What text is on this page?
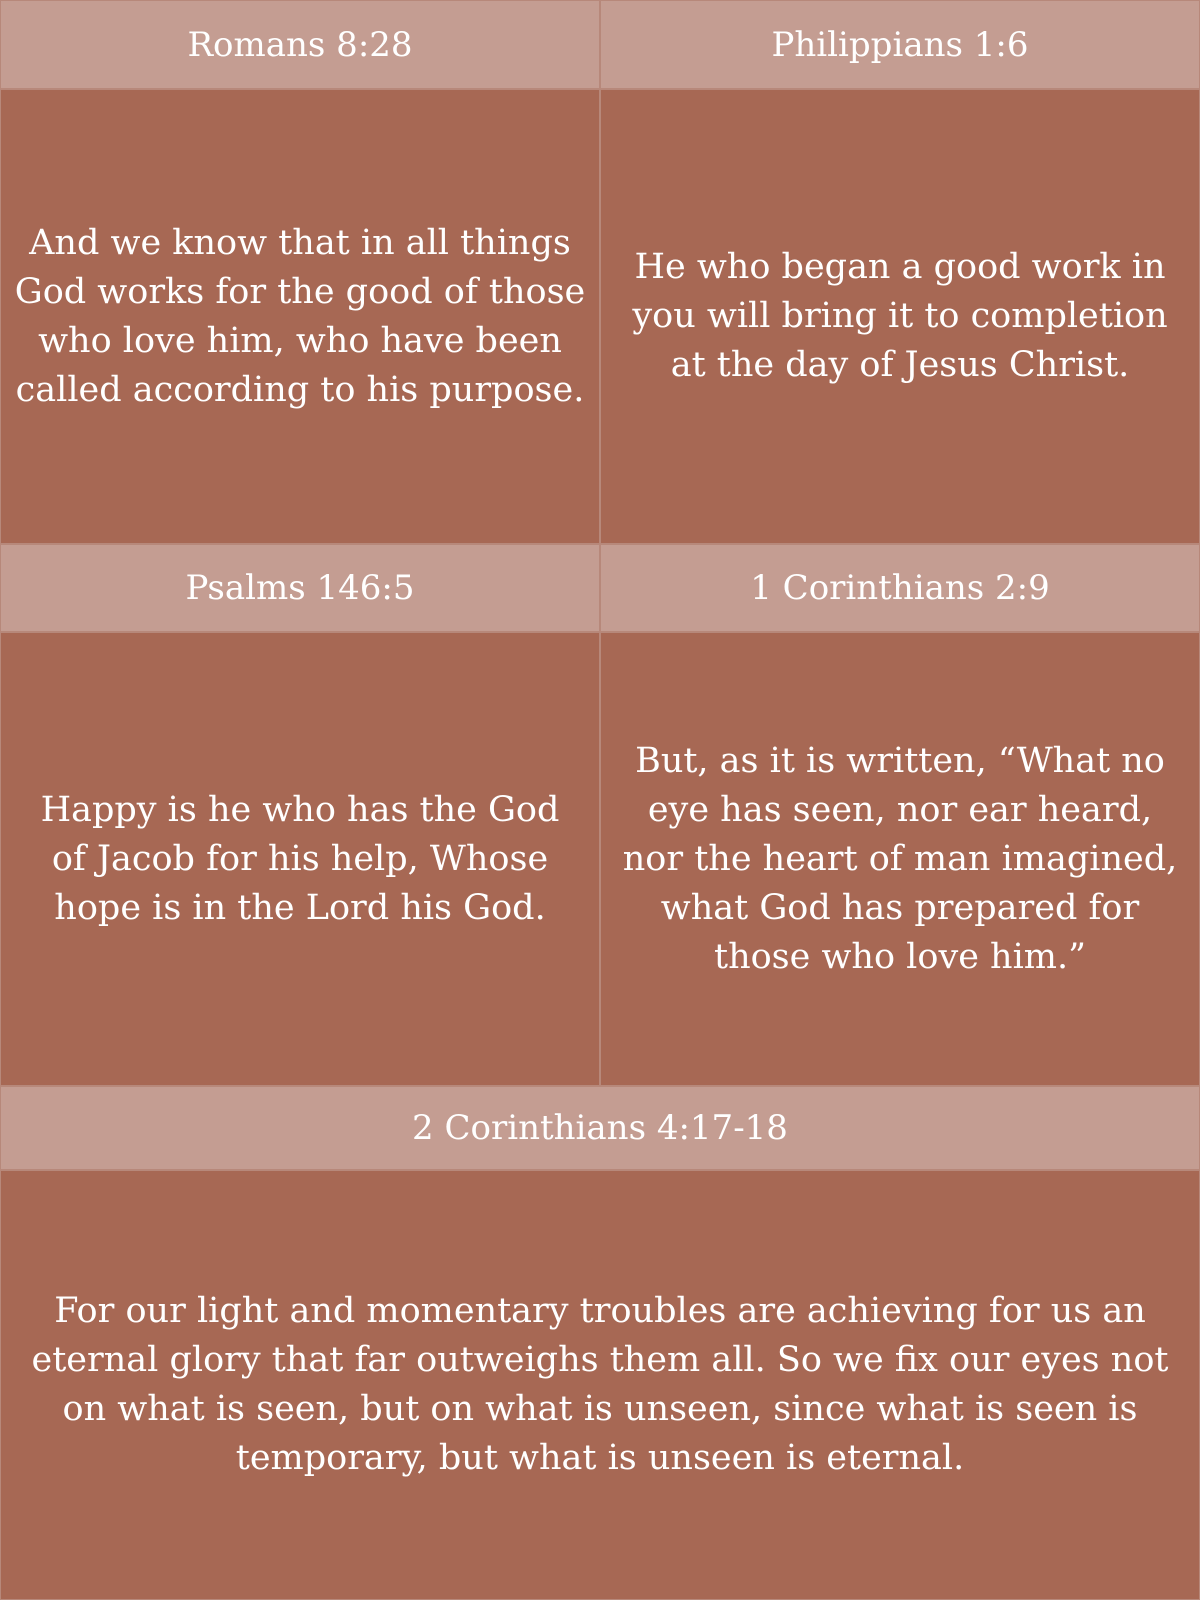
Romans 8:28	Philippians 1:6
And we know that in all things God works for the good of those who love him, who have been called according to his purpose.
He who began a good work in you will bring it to completion at the day of Jesus Christ.
Psalms 146:5	1 Corinthians 2:9
Happy is he who has the God of Jacob for his help, Whose hope is in the Lord his God.
But, as it is written, “What no eye has seen, nor ear heard, nor the heart of man imagined, what God has prepared for those who love him.”
2 Corinthians 4:17-18
For our light and momentary troubles are achieving for us an eternal glory that far outweighs them all. So we fix our eyes not on what is seen, but on what is unseen, since what is seen is temporary, but what is unseen is eternal.
